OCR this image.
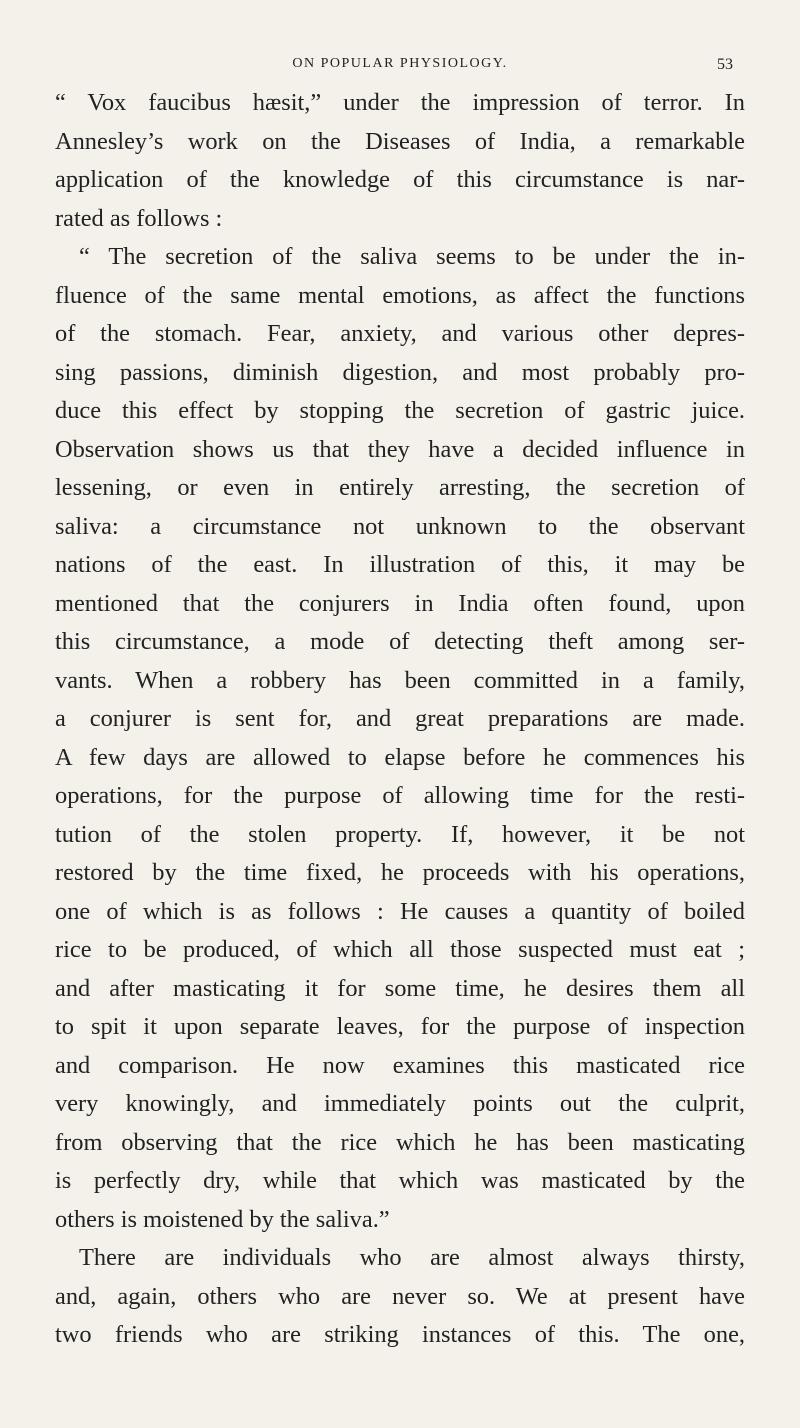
ON POPULAR PHYSIOLOGY.	53
“ Vox faucibus hæsit,” under the impression of terror. In
Annesley’s work on the Diseases of India, a remarkable
application of the knowledge of this circumstance is nar-
rated as follows :
“ The secretion of the saliva seems to be under the in-
fluence of the same mental emotions, as affect the functions
of the stomach. Fear, anxiety, and various other depres-
sing passions, diminish digestion, and most probably pro-
duce this effect by stopping the secretion of gastric juice.
Observation shows us that they have a decided influence in
lessening, or even in entirely arresting, the secretion of
saliva: a circumstance not unknown to the observant
nations of the east. In illustration of this, it may be
mentioned that the conjurers in India often found, upon
this circumstance, a mode of detecting theft among ser-
vants. When a robbery has been committed in a family,
a conjurer is sent for, and great preparations are made.
A few days are allowed to elapse before he commences his
operations, for the purpose of allowing time for the resti-
tution of the stolen property. If, however, it be not
restored by the time fixed, he proceeds with his operations,
one of which is as follows : He causes a quantity of boiled
rice to be produced, of which all those suspected must eat ;
and after masticating it for some time, he desires them all
to spit it upon separate leaves, for the purpose of inspection
and comparison. He now examines this masticated rice
very knowingly, and immediately points out the culprit,
from observing that the rice which he has been masticating
is perfectly dry, while that which was masticated by the
others is moistened by the saliva.”
There are individuals who are almost always thirsty,
and, again, others who are never so. We at present have
two friends who are striking instances of this. The one,
